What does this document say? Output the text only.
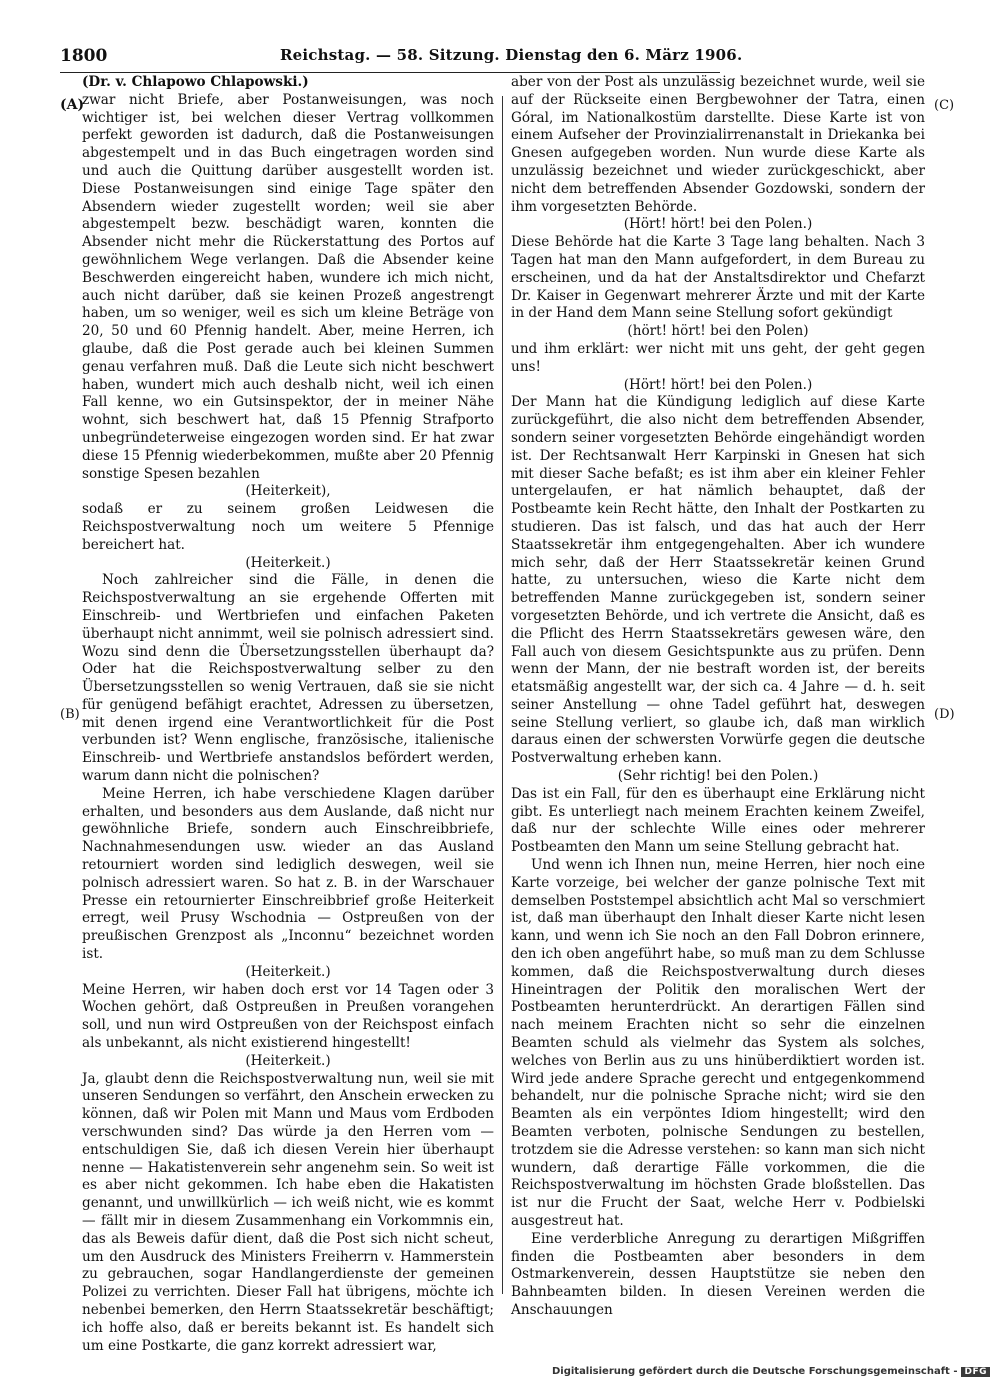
1800	Reichstag. — 58. Sitzung. Dienstag den 6. März 1906.
(A)
(B)
(C)
(D)

(Dr. v. Chlapowo Chlapowski.)

zwar nicht Briefe, aber Postanweisungen, was noch wichtiger ist, bei welchen dieser Vertrag vollkommen perfekt geworden ist dadurch, daß die Postanweisungen abgestempelt und in das Buch eingetragen worden sind und auch die Quittung darüber ausgestellt worden ist. Diese Postanweisungen sind einige Tage später den Absendern wieder zugestellt worden; weil sie aber abgestempelt bezw. beschädigt waren, konnten die Absender nicht mehr die Rückerstattung des Portos auf gewöhnlichem Wege verlangen. Daß die Absender keine Beschwerden eingereicht haben, wundere ich mich nicht, auch nicht darüber, daß sie keinen Prozeß angestrengt haben, um so weniger, weil es sich um kleine Beträge von 20, 50 und 60 Pfennig handelt. Aber, meine Herren, ich glaube, daß die Post gerade auch bei kleinen Summen genau verfahren muß. Daß die Leute sich nicht beschwert haben, wundert mich auch deshalb nicht, weil ich einen Fall kenne, wo ein Gutsinspektor, der in meiner Nähe wohnt, sich beschwert hat, daß 15 Pfennig Strafporto unbegründeterweise eingezogen worden sind. Er hat zwar diese 15 Pfennig wiederbekommen, mußte aber 20 Pfennig sonstige Spesen bezahlen

(Heiterkeit),

sodaß er zu seinem großen Leidwesen die Reichspostverwaltung noch um weitere 5 Pfennige bereichert hat.

(Heiterkeit.)

Noch zahlreicher sind die Fälle, in denen die Reichspostverwaltung an sie ergehende Offerten mit Einschreib- und Wertbriefen und einfachen Paketen überhaupt nicht annimmt, weil sie polnisch adressiert sind. Wozu sind denn die Übersetzungsstellen überhaupt da? Oder hat die Reichspostverwaltung selber zu den Übersetzungsstellen so wenig Vertrauen, daß sie sie nicht für genügend befähigt erachtet, Adressen zu übersetzen, mit denen irgend eine Verantwortlichkeit für die Post verbunden ist? Wenn englische, französische, italienische Einschreib- und Wertbriefe anstandslos befördert werden, warum dann nicht die polnischen?

Meine Herren, ich habe verschiedene Klagen darüber erhalten, und besonders aus dem Auslande, daß nicht nur gewöhnliche Briefe, sondern auch Einschreibbriefe, Nachnahmesendungen usw. wieder an das Ausland retourniert worden sind lediglich deswegen, weil sie polnisch adressiert waren. So hat z. B. in der Warschauer Presse ein retournierter Einschreibbrief große Heiterkeit erregt, weil Prusy Wschodnia — Ostpreußen von der preußischen Grenzpost als „Inconnu“ bezeichnet worden ist.

(Heiterkeit.)

Meine Herren, wir haben doch erst vor 14 Tagen oder 3 Wochen gehört, daß Ostpreußen in Preußen vorangehen soll, und nun wird Ostpreußen von der Reichspost einfach als unbekannt, als nicht existierend hingestellt!

(Heiterkeit.)

Ja, glaubt denn die Reichspostverwaltung nun, weil sie mit unseren Sendungen so verfährt, den Anschein erwecken zu können, daß wir Polen mit Mann und Maus vom Erdboden verschwunden sind? Das würde ja den Herren vom — entschuldigen Sie, daß ich diesen Verein hier überhaupt nenne — Hakatistenverein sehr angenehm sein. So weit ist es aber nicht gekommen. Ich habe eben die Hakatisten genannt, und unwillkürlich — ich weiß nicht, wie es kommt — fällt mir in diesem Zusammenhang ein Vorkommnis ein, das als Beweis dafür dient, daß die Post sich nicht scheut, um den Ausdruck des Ministers Freiherrn v. Hammerstein zu gebrauchen, sogar Handlangerdienste der gemeinen Polizei zu verrichten. Dieser Fall hat übrigens, möchte ich nebenbei bemerken, den Herrn Staatssekretär beschäftigt; ich hoffe also, daß er bereits bekannt ist. Es handelt sich um eine Postkarte, die ganz korrekt adressiert war,

aber von der Post als unzulässig bezeichnet wurde, weil sie auf der Rückseite einen Bergbewohner der Tatra, einen Góral, im Nationalkostüm darstellte. Diese Karte ist von einem Aufseher der Provinzialirrenanstalt in Driekanka bei Gnesen aufgegeben worden. Nun wurde diese Karte als unzulässig bezeichnet und wieder zurückgeschickt, aber nicht dem betreffenden Absender Gozdowski, sondern der ihm vorgesetzten Behörde.

(Hört! hört! bei den Polen.)

Diese Behörde hat die Karte 3 Tage lang behalten. Nach 3 Tagen hat man den Mann aufgefordert, in dem Bureau zu erscheinen, und da hat der Anstaltsdirektor und Chefarzt Dr. Kaiser in Gegenwart mehrerer Ärzte und mit der Karte in der Hand dem Mann seine Stellung sofort gekündigt

(hört! hört! bei den Polen)

und ihm erklärt: wer nicht mit uns geht, der geht gegen uns!

(Hört! hört! bei den Polen.)

Der Mann hat die Kündigung lediglich auf diese Karte zurückgeführt, die also nicht dem betreffenden Absender, sondern seiner vorgesetzten Behörde eingehändigt worden ist. Der Rechtsanwalt Herr Karpinski in Gnesen hat sich mit dieser Sache befaßt; es ist ihm aber ein kleiner Fehler untergelaufen, er hat nämlich behauptet, daß der Postbeamte kein Recht hätte, den Inhalt der Postkarten zu studieren. Das ist falsch, und das hat auch der Herr Staatssekretär ihm entgegengehalten. Aber ich wundere mich sehr, daß der Herr Staatssekretär keinen Grund hatte, zu untersuchen, wieso die Karte nicht dem betreffenden Manne zurückgegeben ist, sondern seiner vorgesetzten Behörde, und ich vertrete die Ansicht, daß es die Pflicht des Herrn Staatssekretärs gewesen wäre, den Fall auch von diesem Gesichtspunkte aus zu prüfen. Denn wenn der Mann, der nie bestraft worden ist, der bereits etatsmäßig angestellt war, der sich ca. 4 Jahre — d. h. seit seiner Anstellung — ohne Tadel geführt hat, deswegen seine Stellung verliert, so glaube ich, daß man wirklich daraus einen der schwersten Vorwürfe gegen die deutsche Postverwaltung erheben kann.

(Sehr richtig! bei den Polen.)

Das ist ein Fall, für den es überhaupt eine Erklärung nicht gibt. Es unterliegt nach meinem Erachten keinem Zweifel, daß nur der schlechte Wille eines oder mehrerer Postbeamten den Mann um seine Stellung gebracht hat.

Und wenn ich Ihnen nun, meine Herren, hier noch eine Karte vorzeige, bei welcher der ganze polnische Text mit demselben Poststempel absichtlich acht Mal so verschmiert ist, daß man überhaupt den Inhalt dieser Karte nicht lesen kann, und wenn ich Sie noch an den Fall Dobron erinnere, den ich oben angeführt habe, so muß man zu dem Schlusse kommen, daß die Reichspostverwaltung durch dieses Hineintragen der Politik den moralischen Wert der Postbeamten herunterdrückt. An derartigen Fällen sind nach meinem Erachten nicht so sehr die einzelnen Beamten schuld als vielmehr das System als solches, welches von Berlin aus zu uns hinüberdiktiert worden ist. Wird jede andere Sprache gerecht und entgegenkommend behandelt, nur die polnische Sprache nicht; wird sie den Beamten als ein verpöntes Idiom hingestellt; wird den Beamten verboten, polnische Sendungen zu bestellen, trotzdem sie die Adresse verstehen: so kann man sich nicht wundern, daß derartige Fälle vorkommen, die die Reichspostverwaltung im höchsten Grade bloßstellen. Das ist nur die Frucht der Saat, welche Herr v. Podbielski ausgestreut hat.

Eine verderbliche Anregung zu derartigen Mißgriffen finden die Postbeamten aber besonders in dem Ostmarkenverein, dessen Hauptstütze sie neben den Bahnbeamten bilden. In diesen Vereinen werden die Anschauungen

Digitalisierung gefördert durch die Deutsche Forschungsgemeinschaft - DFG
